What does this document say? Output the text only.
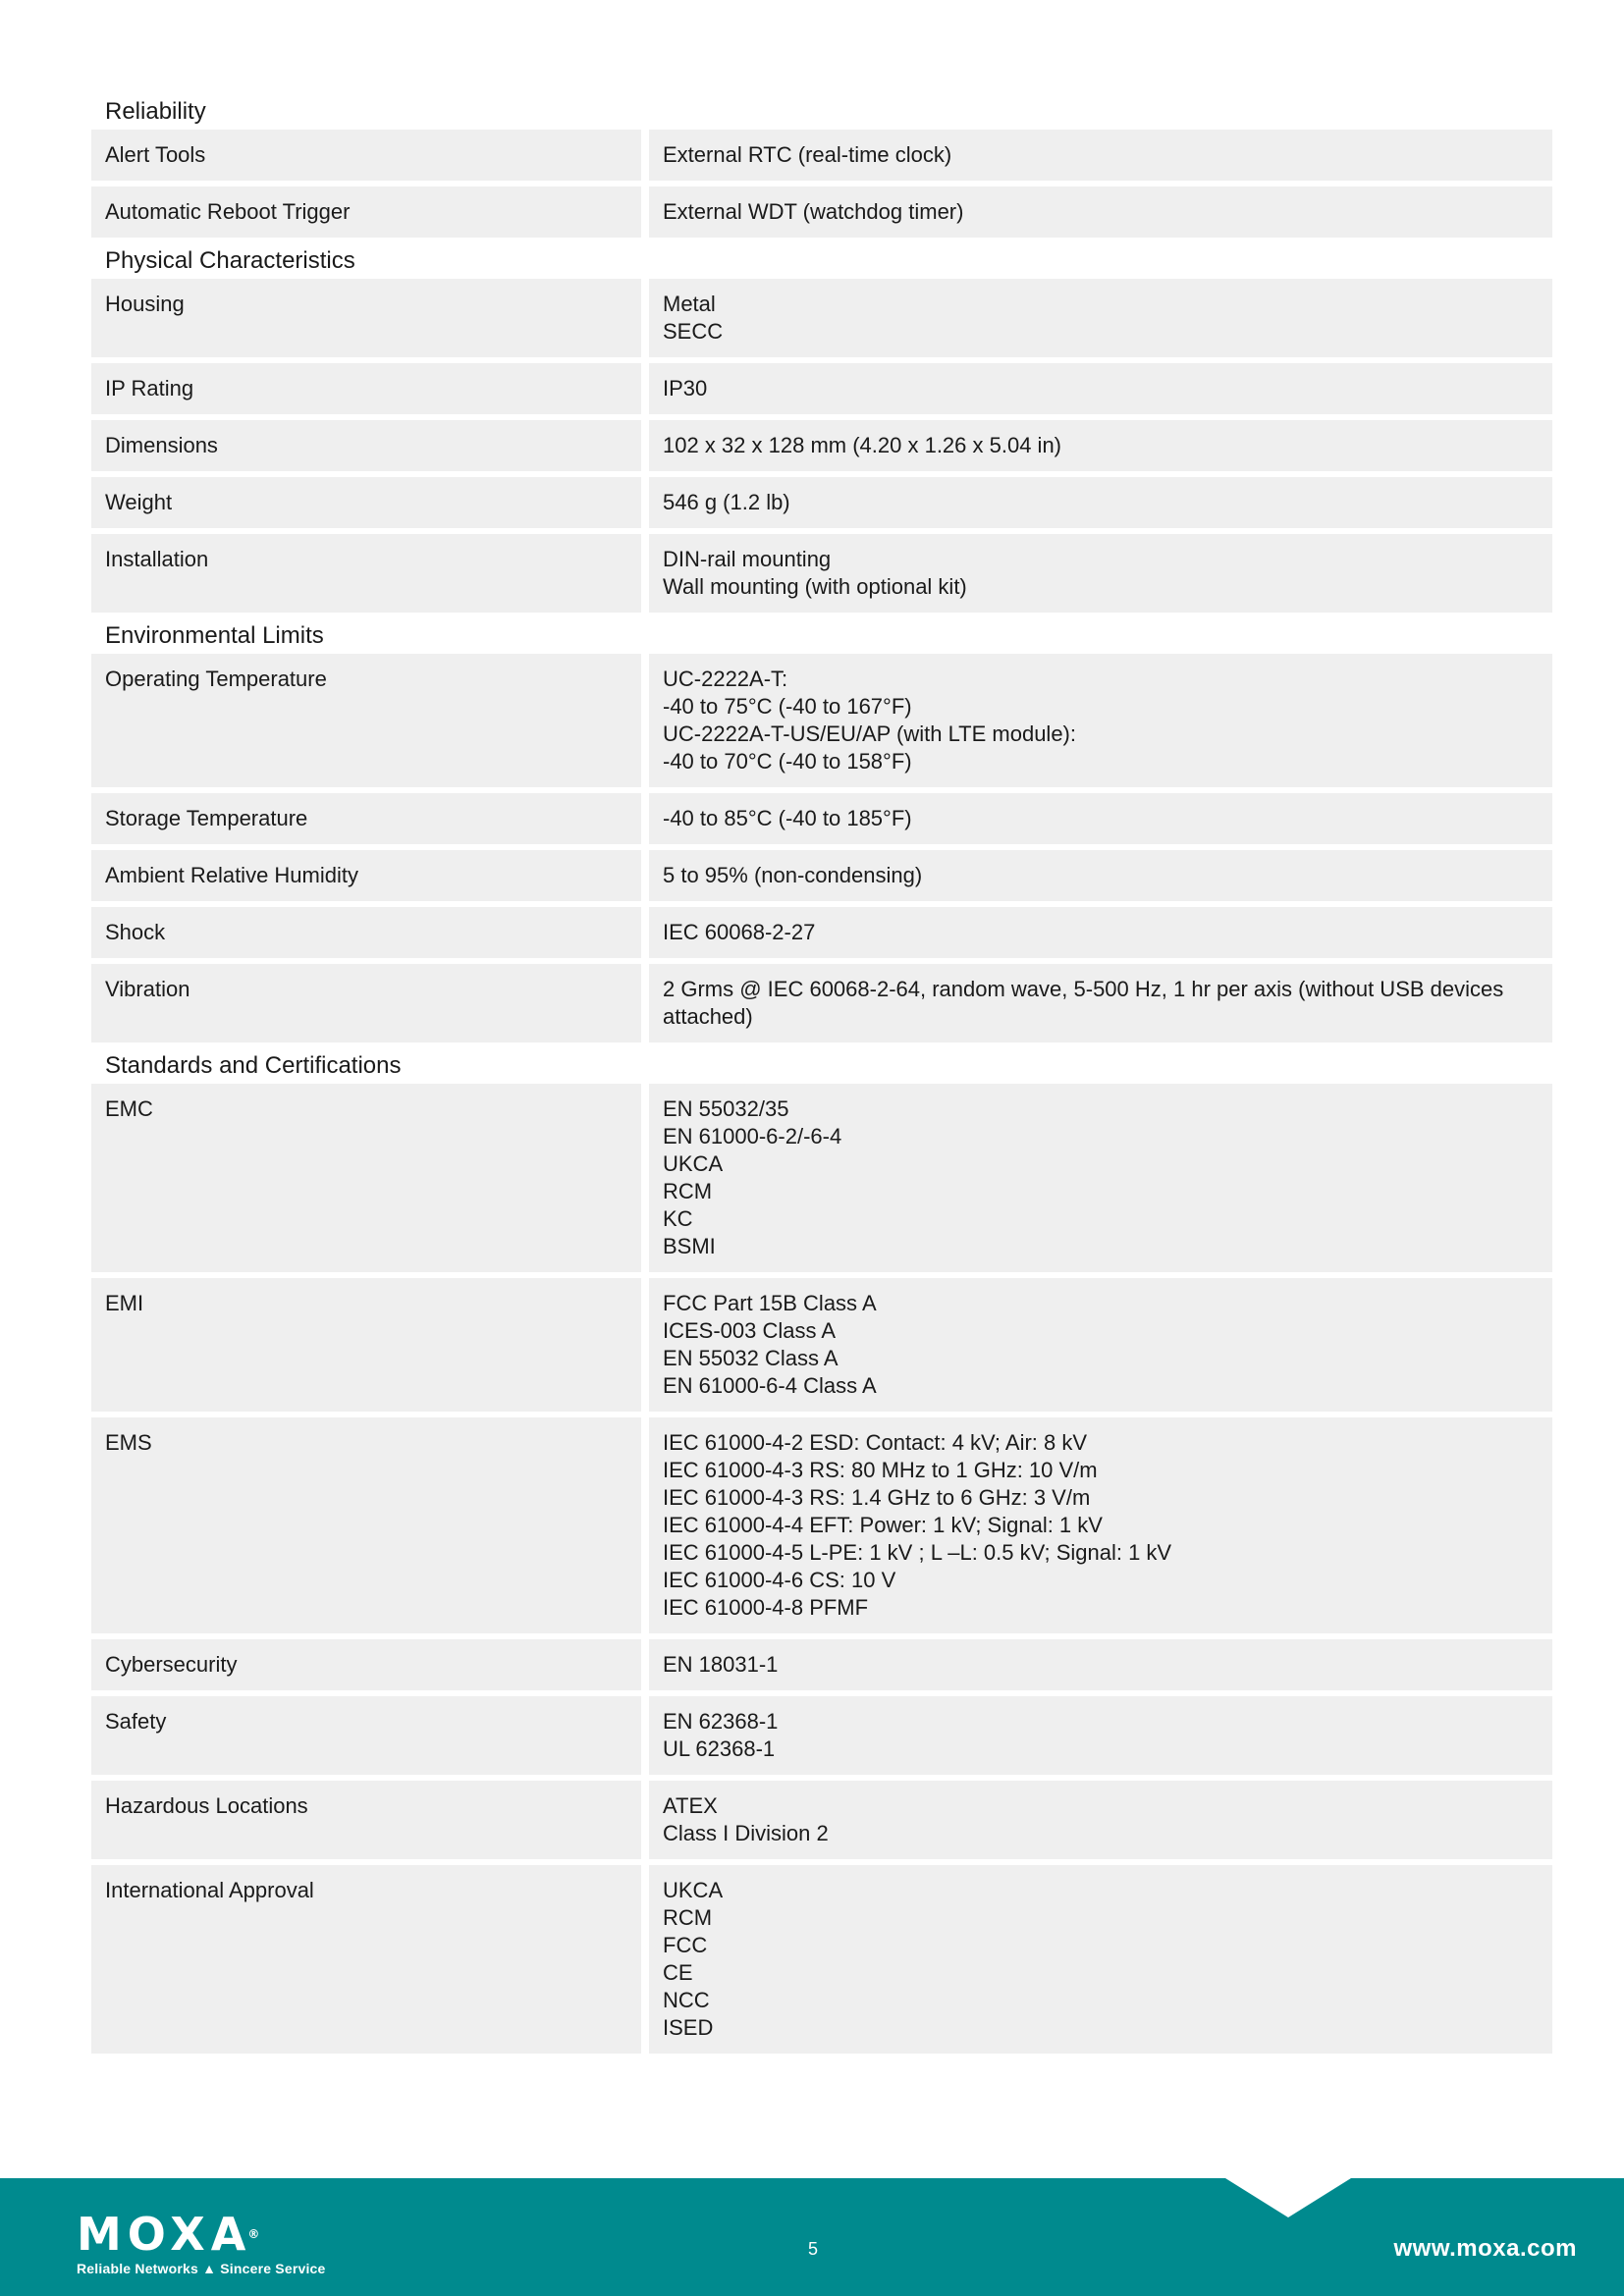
Reliability
Alert Tools	External RTC (real-time clock)
Automatic Reboot Trigger	External WDT (watchdog timer)
Physical Characteristics
Housing	Metal
SECC
IP Rating	IP30
Dimensions	102 x 32 x 128 mm (4.20 x 1.26 x 5.04 in)
Weight	546 g (1.2 lb)
Installation	DIN-rail mounting
Wall mounting (with optional kit)
Environmental Limits
Operating Temperature	UC-2222A-T:
-40 to 75°C (-40 to 167°F)
UC-2222A-T-US/EU/AP (with LTE module):
-40 to 70°C (-40 to 158°F)
Storage Temperature	-40 to 85°C (-40 to 185°F)
Ambient Relative Humidity	5 to 95% (non-condensing)
Shock	IEC 60068-2-27
Vibration	2 Grms @ IEC 60068-2-64, random wave, 5-500 Hz, 1 hr per axis (without USB devices attached)
Standards and Certifications
EMC	EN 55032/35
EN 61000-6-2/-6-4
UKCA
RCM
KC
BSMI
EMI	FCC Part 15B Class A
ICES-003 Class A
EN 55032 Class A
EN 61000-6-4 Class A
EMS	IEC 61000-4-2 ESD: Contact: 4 kV; Air: 8 kV
IEC 61000-4-3 RS: 80 MHz to 1 GHz: 10 V/m
IEC 61000-4-3 RS: 1.4 GHz to 6 GHz: 3 V/m
IEC 61000-4-4 EFT: Power: 1 kV; Signal: 1 kV
IEC 61000-4-5 L-PE: 1 kV ; L –L: 0.5 kV; Signal: 1 kV
IEC 61000-4-6 CS: 10 V
IEC 61000-4-8 PFMF
Cybersecurity	EN 18031-1
Safety	EN 62368-1
UL 62368-1
Hazardous Locations	ATEX
Class I Division 2
International Approval	UKCA
RCM
FCC
CE
NCC
ISED
MOXA®
Reliable Networks ▲ Sincere Service
5	www.moxa.com
